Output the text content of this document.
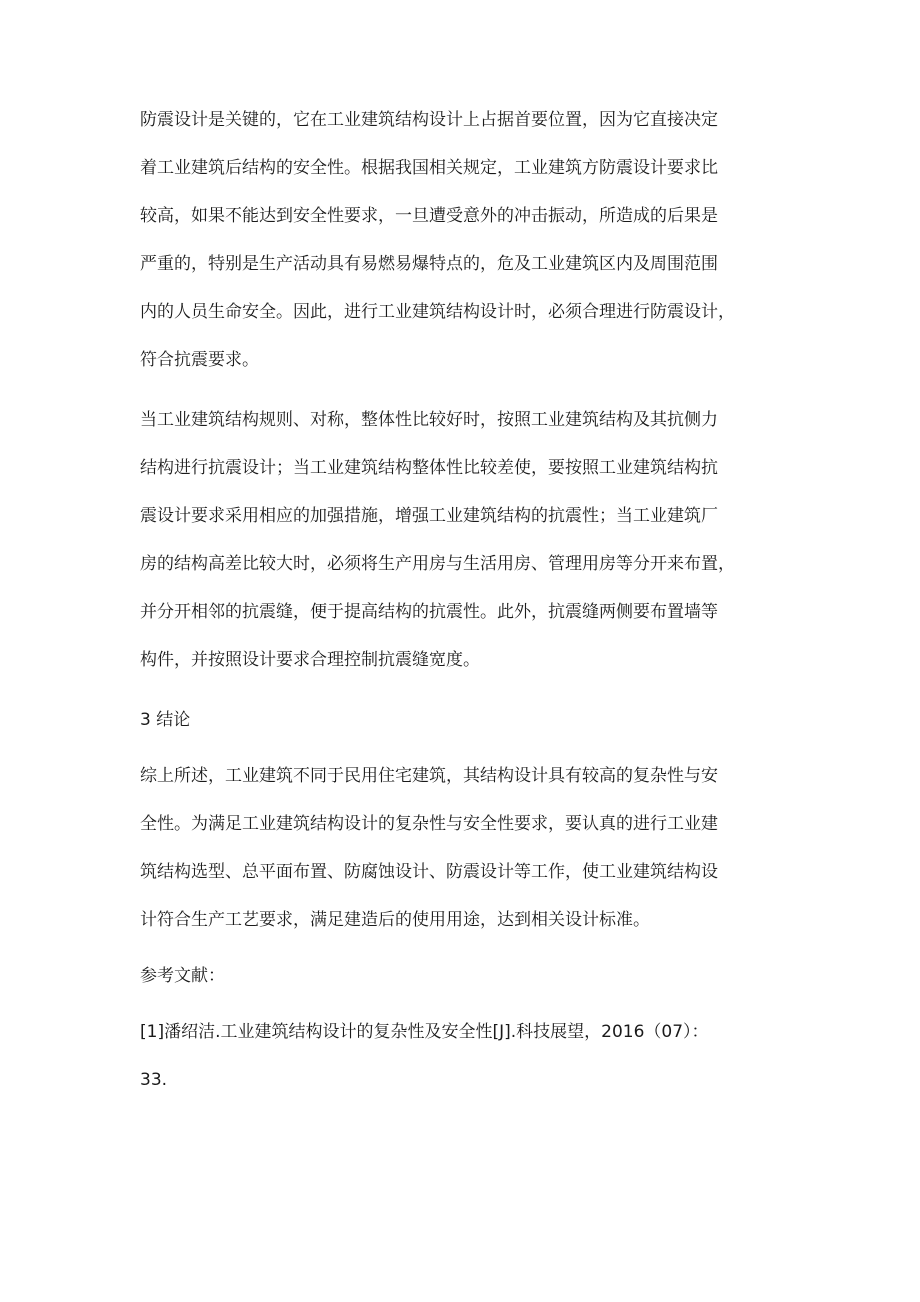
防震设计是关键的，它在工业建筑结构设计上占据首要位置，因为它直接决定
着工业建筑后结构的安全性。根据我国相关规定，工业建筑方防震设计要求比
较高，如果不能达到安全性要求，一旦遭受意外的冲击振动，所造成的后果是
严重的，特别是生产活动具有易燃易爆特点的，危及工业建筑区内及周围范围
内的人员生命安全。因此，进行工业建筑结构设计时，必须合理进行防震设计，
符合抗震要求。
当工业建筑结构规则、对称，整体性比较好时，按照工业建筑结构及其抗侧力
结构进行抗震设计；当工业建筑结构整体性比较差使，要按照工业建筑结构抗
震设计要求采用相应的加强措施，增强工业建筑结构的抗震性；当工业建筑厂
房的结构高差比较大时，必须将生产用房与生活用房、管理用房等分开来布置，
并分开相邻的抗震缝，便于提高结构的抗震性。此外，抗震缝两侧要布置墙等
构件，并按照设计要求合理控制抗震缝宽度。
3 结论
综上所述，工业建筑不同于民用住宅建筑，其结构设计具有较高的复杂性与安
全性。为满足工业建筑结构设计的复杂性与安全性要求，要认真的进行工业建
筑结构选型、总平面布置、防腐蚀设计、防震设计等工作，使工业建筑结构设
计符合生产工艺要求，满足建造后的使用用途，达到相关设计标准。
参考文献：
[1]潘绍洁.工业建筑结构设计的复杂性及安全性[J].科技展望，2016（07）：
33.
